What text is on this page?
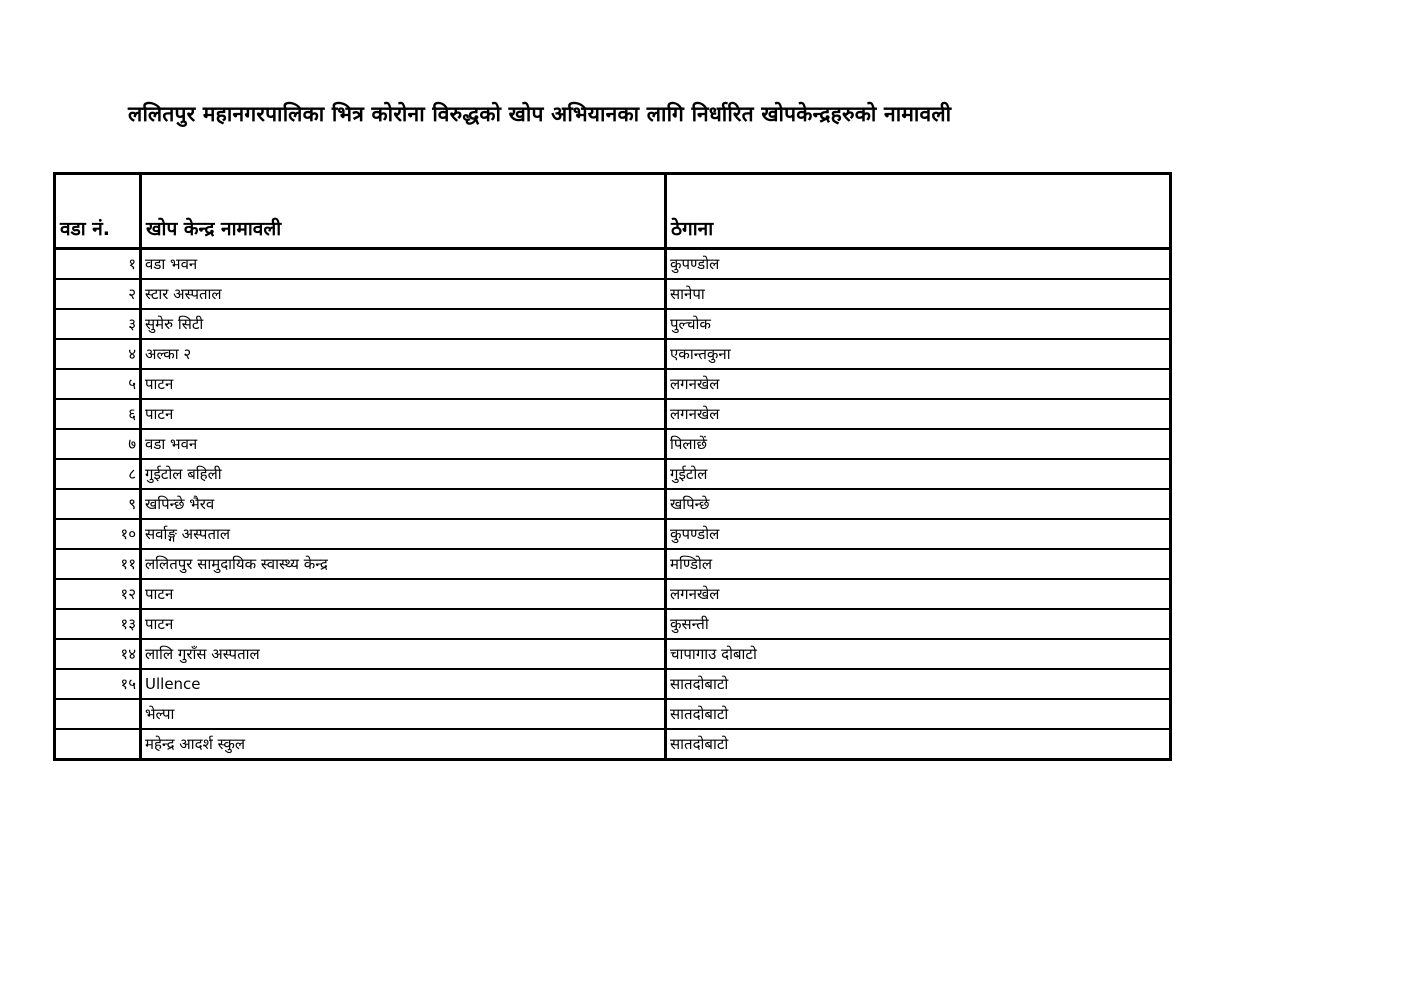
ललितपुर महानगरपालिका भित्र कोरोना विरुद्धको खोप अभियानका लागि निर्धारित खोपकेन्द्रहरुको नामावली
वडा नं.	खोप केन्द्र नामावली	ठेगाना
१	वडा भवन	कुपण्डोल
२	स्टार अस्पताल	सानेपा
३	सुमेरु सिटी	पुल्चोक
४	अल्का २	एकान्तकुना
५	पाटन	लगनखेल
६	पाटन	लगनखेल
७	वडा भवन	पिलाछें
८	गुईटोल बहिली	गुईटोल
९	खपिन्छे भैरव	खपिन्छे
१०	सर्वाङ्ग अस्पताल	कुपण्डोल
११	ललितपुर सामुदायिक स्वास्थ्य केन्द्र	मण्डिोल
१२	पाटन	लगनखेल
१३	पाटन	कुसन्ती
१४	लालि गुराँस अस्पताल	चापागाउ दोबाटो
१५	Ullence	सातदोबाटो
	भेल्पा	सातदोबाटो
	महेन्द्र आदर्श स्कुल	सातदोबाटो
